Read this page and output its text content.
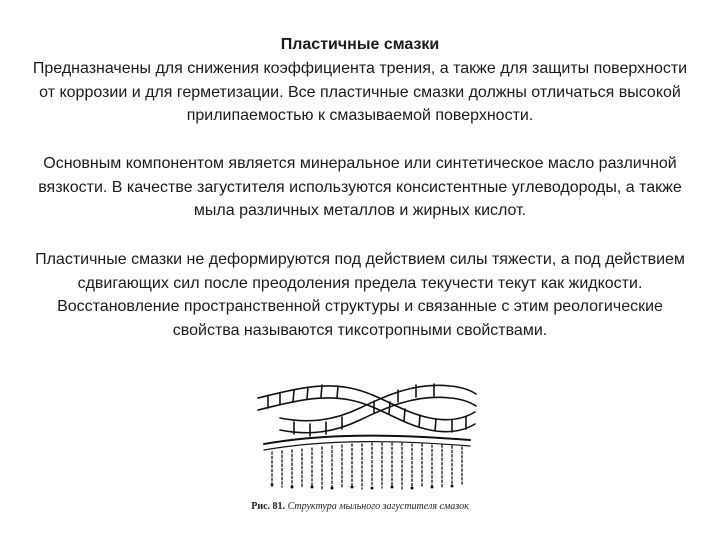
Пластичные смазки
Предназначены для снижения коэффициента трения, а также для защиты поверхности от коррозии и для герметизации. Все пластичные смазки должны отличаться высокой прилипаемостью к смазываемой поверхности.
Основным компонентом является минеральное или синтетическое масло различной вязкости. В качестве загустителя используются консистентные углеводороды, а также мыла различных металлов и жирных кислот.
Пластичные смазки не деформируются под действием силы тяжести, а под действием сдвигающих сил после преодоления предела текучести текут как жидкости. Восстановление пространственной структуры и связанные с этим реологические свойства называются тиксотропными свойствами.
Рис. 81. Структура мыльного загустителя смазок
